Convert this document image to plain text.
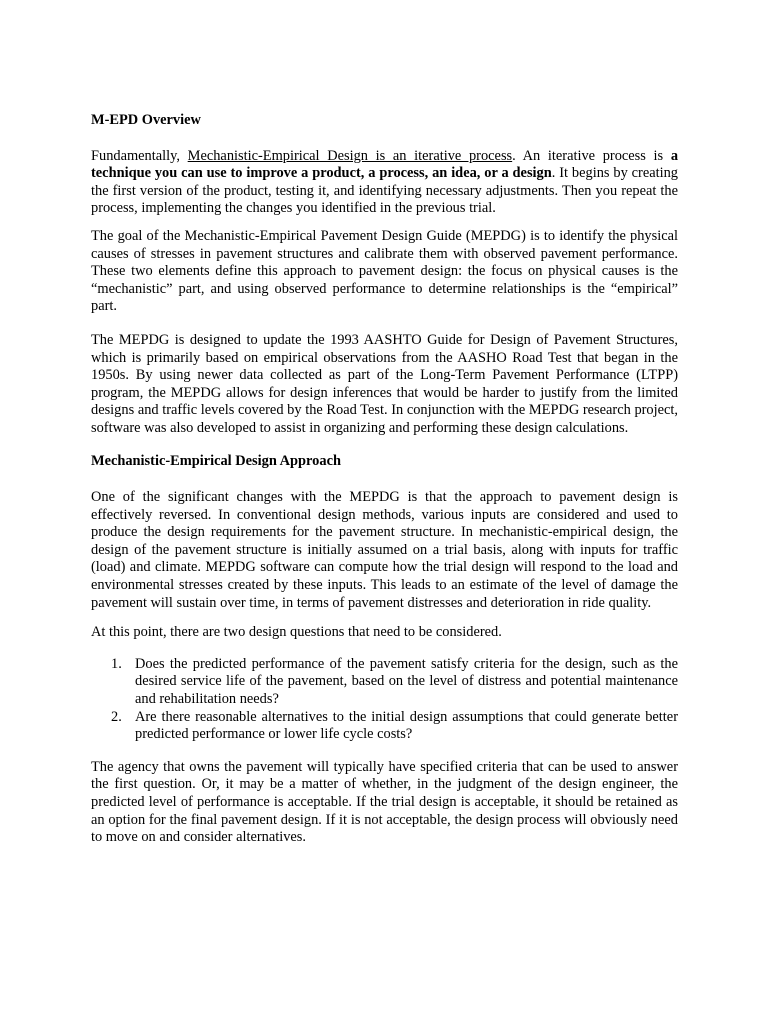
M-EPD Overview

Fundamentally, Mechanistic-Empirical Design is an iterative process. An iterative process is a technique you can use to improve a product, a process, an idea, or a design. It begins by creating the first version of the product, testing it, and identifying necessary adjustments. Then you repeat the process, implementing the changes you identified in the previous trial.

The goal of the Mechanistic-Empirical Pavement Design Guide (MEPDG) is to identify the physical causes of stresses in pavement structures and calibrate them with observed pavement performance. These two elements define this approach to pavement design: the focus on physical causes is the “mechanistic” part, and using observed performance to determine relationships is the “empirical” part.

The MEPDG is designed to update the 1993 AASHTO Guide for Design of Pavement Structures, which is primarily based on empirical observations from the AASHO Road Test that began in the 1950s. By using newer data collected as part of the Long-Term Pavement Performance (LTPP) program, the MEPDG allows for design inferences that would be harder to justify from the limited designs and traffic levels covered by the Road Test. In conjunction with the MEPDG research project, software was also developed to assist in organizing and performing these design calculations.

Mechanistic-Empirical Design Approach

One of the significant changes with the MEPDG is that the approach to pavement design is effectively reversed. In conventional design methods, various inputs are considered and used to produce the design requirements for the pavement structure. In mechanistic-empirical design, the design of the pavement structure is initially assumed on a trial basis, along with inputs for traffic (load) and climate. MEPDG software can compute how the trial design will respond to the load and environmental stresses created by these inputs. This leads to an estimate of the level of damage the pavement will sustain over time, in terms of pavement distresses and deterioration in ride quality.

At this point, there are two design questions that need to be considered.

1. Does the predicted performance of the pavement satisfy criteria for the design, such as the desired service life of the pavement, based on the level of distress and potential maintenance and rehabilitation needs?
2. Are there reasonable alternatives to the initial design assumptions that could generate better predicted performance or lower life cycle costs?

The agency that owns the pavement will typically have specified criteria that can be used to answer the first question. Or, it may be a matter of whether, in the judgment of the design engineer, the predicted level of performance is acceptable. If the trial design is acceptable, it should be retained as an option for the final pavement design. If it is not acceptable, the design process will obviously need to move on and consider alternatives.
